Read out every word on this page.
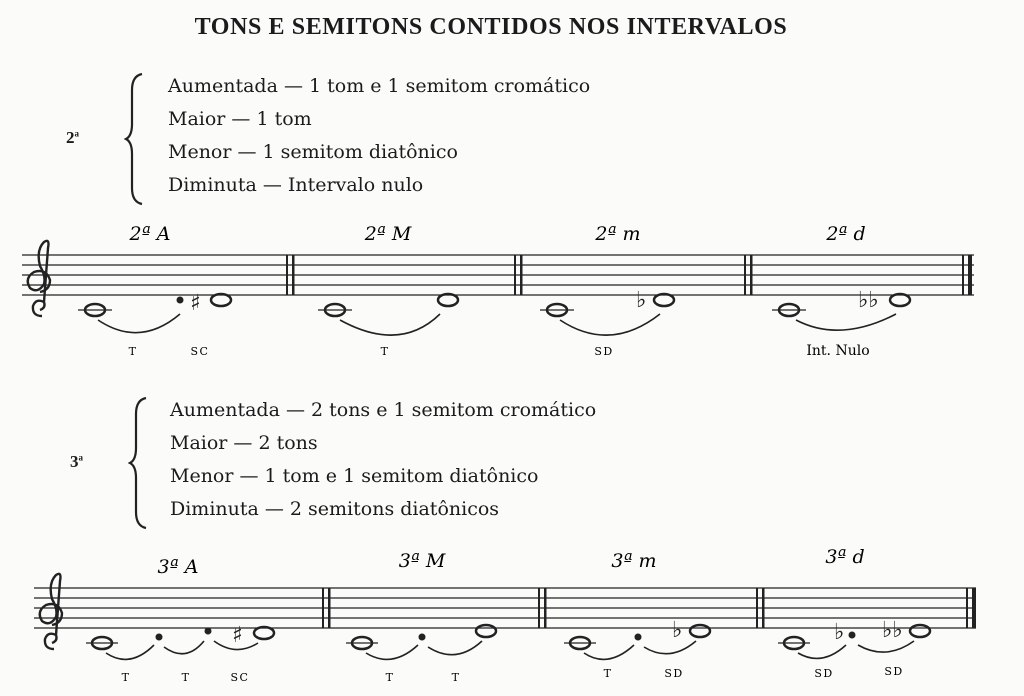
TONS E SEMITONS CONTIDOS NOS INTERVALOS
2$^a$
Aumentada — 1 tom e 1 semitom cromático
Maior — 1 tom
Menor — 1 semitom diatônico
Diminuta — Intervalo nulo
♯	♭	♭♭
2ª A	2ª M	2ª m	2ª d
T	SC	T	SD	Int. Nulo
3$^a$
Aumentada — 2 tons e 1 semitom cromático
Maior — 2 tons
Menor — 1 tom e 1 semitom diatônico
Diminuta — 2 semitons diatônicos
♯	♭	♭ ♭♭
3ª A	3ª M	3ª m	3ª d
T	T	SC	T	T	T	SD	SD	SD
